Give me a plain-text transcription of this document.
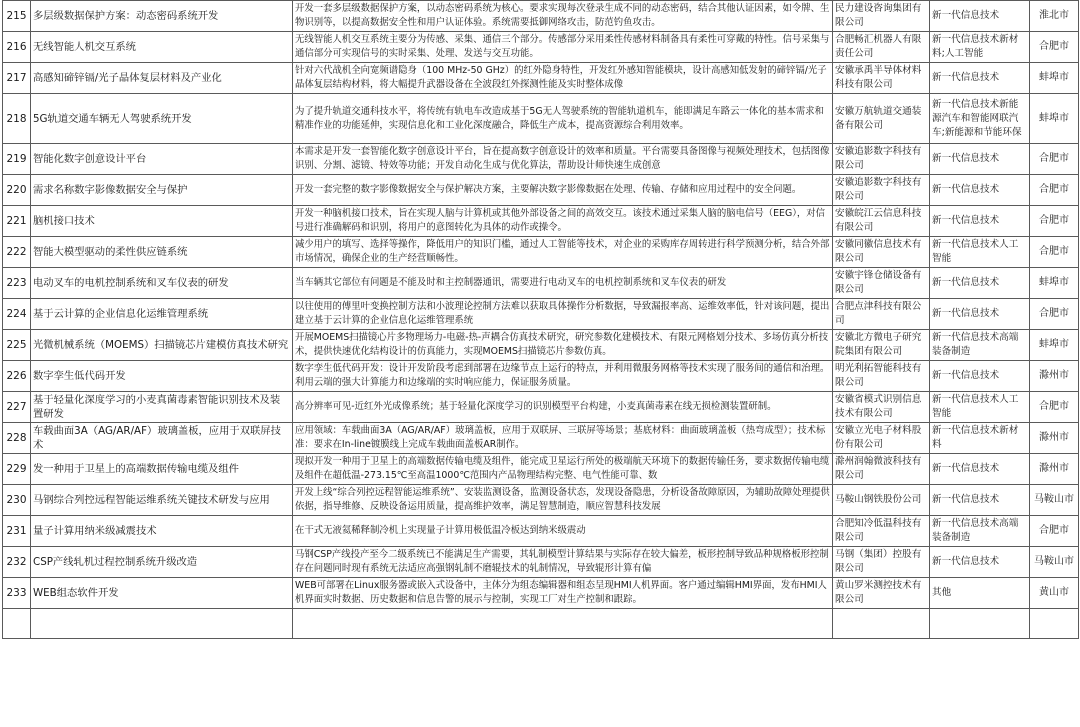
215	多层级数据保护方案：动态密码系统开发	开发一套多层级数据保护方案，以动态密码系统为核心。要求实现每次登录生成不同的动态密码，结合其他认证因素，如令牌、生物识别等，以提高数据安全性和用户认证体验。系统需要抵御网络攻击，防范钓鱼攻击。	民力建设咨询集团有限公司	新一代信息技术	淮北市
216	无线智能人机交互系统	无线智能人机交互系统主要分为传感、采集、通信三个部分。传感部分采用柔性传感材料制备具有柔性可穿戴的特性。信号采集与通信部分可实现信号的实时采集、处理、发送与交互功能。	合肥畅汇机器人有限责任公司	新一代信息技术新材料;人工智能	合肥市
217	高感知碲锌镉/光子晶体复层材料及产业化	针对六代战机全向宽频谱隐身（100 MHz-50 GHz）的红外隐身特性，开发红外感知智能模块，设计高感知低发射的碲锌镉/光子晶体复层结构材料，将大幅提升武器设备在全波段红外探测性能及实时整体成像	安徽承禹半导体材料科技有限公司	新一代信息技术	蚌埠市
218	5G轨道交通车辆无人驾驶系统开发	为了提升轨道交通科技水平，将传统有轨电车改造成基于5G无人驾驶系统的智能轨道机车，能即满足车路云一体化的基本需求和精准作业的功能延伸，实现信息化和工业化深度融合，降低生产成本，提高资源综合利用效率。	安徽万航轨道交通装备有限公司	新一代信息技术新能源汽车和智能网联汽车;新能源和节能环保	蚌埠市
219	智能化数字创意设计平台	本需求是开发一套智能化数字创意设计平台，旨在提高数字创意设计的效率和质量。平台需要具备图像与视频处理技术，包括图像识别、分割、滤镜、特效等功能；开发自动化生成与优化算法，帮助设计师快速生成创意	安徽追影数字科技有限公司	新一代信息技术	合肥市
220	需求名称数字影像数据安全与保护	开发一套完整的数字影像数据安全与保护解决方案，主要解决数字影像数据在处理、传输、存储和应用过程中的安全问题。	安徽追影数字科技有限公司	新一代信息技术	合肥市
221	脑机接口技术	开发一种脑机接口技术，旨在实现人脑与计算机或其他外部设备之间的高效交互。该技术通过采集人脑的脑电信号（EEG），对信号进行准确解码和识别，将用户的意图转化为具体的动作或操令。	安徽皖江云信息科技有限公司	新一代信息技术	合肥市
222	智能大模型驱动的柔性供应链系统	减少用户的填写、选择等操作，降低用户的知识门槛，通过人工智能等技术，对企业的采购库存周转进行科学预测分析，结合外部市场情况，确保企业的生产经营顺畅性。	安徽同徽信息技术有限公司	新一代信息技术人工智能	合肥市
223	电动叉车的电机控制系统和叉车仪表的研发	当车辆其它部位有问题是不能及时和主控制器通讯，需要进行电动叉车的电机控制系统和叉车仪表的研发	安徽宇锋仓储设备有限公司	新一代信息技术	蚌埠市
224	基于云计算的企业信息化运维管理系统	以往使用的傅里叶变换控制方法和小波理论控制方法难以获取具体操作分析数据，导致漏报率高、运维效率低，针对该问题，提出建立基于云计算的企业信息化运维管理系统	合肥点津科技有限公司	新一代信息技术	合肥市
225	光微机械系统（MOEMS）扫描镜芯片建模仿真技术研究	开展MOEMS扫描镜心片多物理场力-电磁-热-声耦合仿真技术研究，研究参数化建模技术、有限元网格划分技术、多场仿真分析技术，提供快速优化结构设计的仿真能力，实现MOEMS扫描镜芯片参数仿真。	安徽北方微电子研究院集团有限公司	新一代信息技术高端装备制造	蚌埠市
226	数字孪生低代码开发	数字孪生低代码开发：设计开发阶段考虑到部署在边缘节点上运行的特点，并利用微服务网格等技术实现了服务间的通信和治理。利用云端的强大计算能力和边缘端的实时响应能力，保证服务质量。	明光利拓智能科技有限公司	新一代信息技术	滁州市
227	基于轻量化深度学习的小麦真菌毒素智能识别技术及装置研发	高分辨率可见-近红外光成像系统；基于轻量化深度学习的识别模型平台构建，小麦真菌毒素在线无损检测装置研制。	安徽省模式识别信息技术有限公司	新一代信息技术人工智能	合肥市
228	车载曲面3A（AG/AR/AF）玻璃盖板，应用于双联屏技术	应用领域：车载曲面3A（AG/AR/AF）玻璃盖板，应用于双联屏、三联屏等场景；基底材料：曲面玻璃盖板（热弯成型）；技术标准：要求在In-line镀膜线上完成车载曲面盖板AR制作。	安徽立光电子材料股份有限公司	新一代信息技术新材料	滁州市
229	发一种用于卫星上的高端数据传输电缆及组件	现拟开发一种用于卫星上的高端数据传输电缆及组件，能完成卫星运行所处的极端航天环境下的数据传输任务，要求数据传输电缆及组件在超低温-273.15℃至高温1000℃范围内产品物理结构完整、电气性能可靠、数	滁州润翰微波科技有限公司	新一代信息技术	滁州市
230	马钢综合列控远程智能运维系统关键技术研发与应用	开发上线“综合列控远程智能运维系统”、安装监测设备，监测设备状态，发现设备隐患，分析设备故障原因，为辅助故障处理提供依据，指导维修、反映设备运用质量，提高维护效率，满足智慧制造，顺应智慧科技发展	马鞍山钢铁股份公司	新一代信息技术	马鞍山市
231	量子计算用纳米级减震技术	在干式无液氦稀释制冷机上实现量子计算用极低温冷板达到纳米级震动	合肥知冷低温科技有限公司	新一代信息技术高端装备制造	合肥市
232	CSP产线轧机过程控制系统升级改造	马钢CSP产线投产至今二级系统已不能满足生产需要，其轧制模型计算结果与实际存在较大偏差，板形控制导致品种规格板形控制存在问题同时现有系统无法适应高强钢轧制不磨辊技术的轧制情况，导致辊形计算有偏	马钢（集团）控股有限公司	新一代信息技术	马鞍山市
233	WEB组态软件开发	WEB可部署在Linux服务器或嵌入式设备中，主体分为组态编辑器和组态呈现HMI人机界面。客户通过编辑HMI界面，发布HMI人机界面实时数据、历史数据和信息告警的展示与控制，实现工厂对生产控制和跟踪。	黄山罗米测控技术有限公司	其他	黄山市
